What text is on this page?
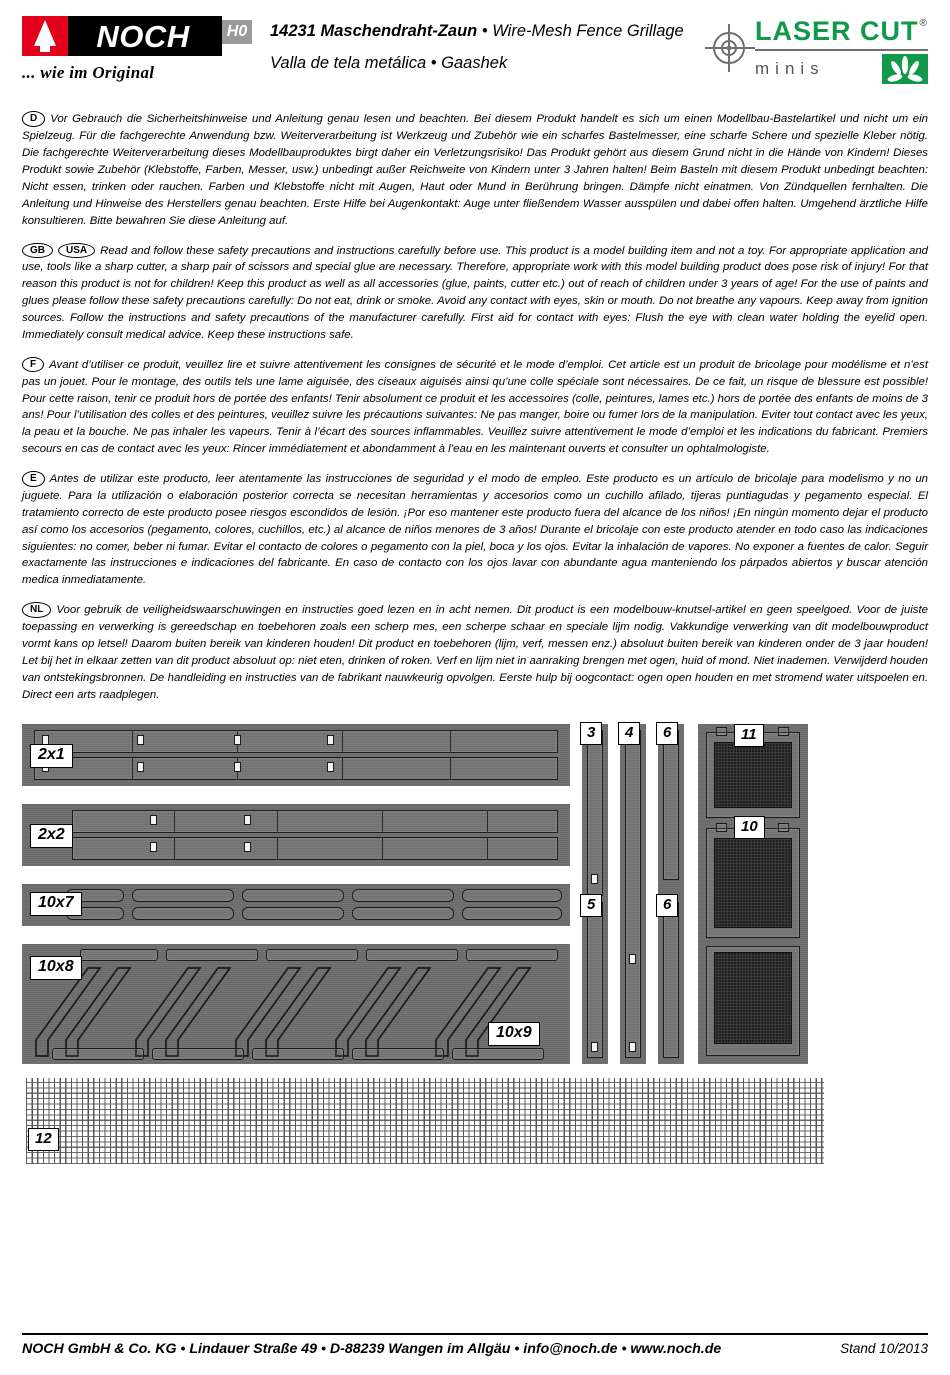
NOCH
... wie im Original
H0 14231 Maschendraht-Zaun • Wire-Mesh Fence Grillage
Valla de tela metálica • Gaashek
LASER CUT ®
minis

D Vor Gebrauch die Sicherheitshinweise und Anleitung genau lesen und beachten. Bei diesem Produkt handelt es sich um einen Modellbau-Bastelartikel und nicht um ein Spielzeug. Für die fachgerechte Anwendung bzw. Weiterverarbeitung ist Werkzeug und Zubehör wie ein scharfes Bastelmesser, eine scharfe Schere und spezielle Kleber nötig. Die fachgerechte Weiterverarbeitung dieses Modellbauproduktes birgt daher ein Verletzungsrisiko! Das Produkt gehört aus diesem Grund nicht in die Hände von Kindern! Dieses Produkt sowie Zubehör (Klebstoffe, Farben, Messer, usw.) unbedingt außer Reichweite von Kindern unter 3 Jahren halten! Beim Basteln mit diesem Produkt unbedingt beachten: Nicht essen, trinken oder rauchen. Farben und Klebstoffe nicht mit Augen, Haut oder Mund in Berührung bringen. Dämpfe nicht einatmen. Von Zündquellen fernhalten. Die Anleitung und Hinweise des Herstellers genau beachten. Erste Hilfe bei Augenkontakt: Auge unter fließendem Wasser ausspülen und dabei offen halten. Umgehend ärztliche Hilfe konsultieren. Bitte bewahren Sie diese Anleitung auf.

GB USA Read and follow these safety precautions and instructions carefully before use. This product is a model building item and not a toy. For appropriate application and use, tools like a sharp cutter, a sharp pair of scissors and special glue are necessary. Therefore, appropriate work with this model building product does pose risk of injury! For that reason this product is not for children! Keep this product as well as all accessories (glue, paints, cutter etc.) out of reach of children under 3 years of age! For the use of paints and glues please follow these safety precautions carefully: Do not eat, drink or smoke. Avoid any contact with eyes, skin or mouth. Do not breathe any vapours. Keep away from ignition sources. Follow the instructions and safety precautions of the manufacturer carefully. First aid for contact with eyes: Flush the eye with clean water holding the eyelid open. Immediately consult medical advice. Keep these instructions safe.

F Avant d’utiliser ce produit, veuillez lire et suivre attentivement les consignes de sécurité et le mode d’emploi. Cet article est un produit de bricolage pour modélisme et n’est pas un jouet. Pour le montage, des outils tels une lame aiguisée, des ciseaux aiguisés ainsi qu’une colle spéciale sont nécessaires. De ce fait, un risque de blessure est possible! Pour cette raison, tenir ce produit hors de portée des enfants! Tenir absolument ce produit et les accessoires (colle, peintures, lames etc.) hors de portée des enfants de moins de 3 ans! Pour l’utilisation des colles et des peintures, veuillez suivre les précautions suivantes: Ne pas manger, boire ou fumer lors de la manipulation. Eviter tout contact avec les yeux, la peau et la bouche. Ne pas inhaler les vapeurs. Tenir à l’écart des sources inflammables. Veuillez suivre attentivement le mode d’emploi et les indications du fabricant. Premiers secours en cas de contact avec les yeux: Rincer immédiatement et abondamment à l’eau en les maintenant ouverts et consulter un ophtalmologiste.

E Antes de utilizar este producto, leer atentamente las instrucciones de seguridad y el modo de empleo. Este producto es un artículo de bricolaje para modelismo y no un juguete. Para la utilización o elaboración posterior correcta se necesitan herramientas y accesorios como un cuchillo afilado, tijeras puntiagudas y pegamento especial. El tratamiento correcto de este producto posee riesgos escondidos de lesión. ¡Por eso mantener este producto fuera del alcance de los niños! ¡En ningún momento dejar el producto así como los accesorios (pegamento, colores, cuchillos, etc.) al alcance de niños menores de 3 años! Durante el bricolaje con este producto atender en todo caso las indicaciones siguientes: no comer, beber ni fumar. Evitar el contacto de colores o pegamento con la piel, boca y los ojos. Evitar la inhalación de vapores. No exponer a fuentes de calor. Seguir exactamente las instrucciones e indicaciones del fabricante. En caso de contacto con los ojos lavar con abundante agua manteniendo los párpados abiertos y buscar atención medica inmediatamente.

NL Voor gebruik de veiligheidswaarschuwingen en instructies goed lezen en in acht nemen. Dit product is een modelbouw-knutsel-artikel en geen speelgoed. Voor de juiste toepassing en verwerking is gereedschap en toebehoren zoals een scherp mes, een scherpe schaar en speciale lijm nodig. Vakkundige verwerking van dit modelbouwproduct vormt kans op letsel! Daarom buiten bereik van kinderen houden! Dit product en toebehoren (lijm, verf, messen enz.) absoluut buiten bereik van kinderen onder de 3 jaar houden! Let bij het in elkaar zetten van dit product absoluut op: niet eten, drinken of roken. Verf en lijm niet in aanraking brengen met ogen, huid of mond. Niet inademen. Verwijderd houden van ontstekingsbronnen. De handleiding en instructies van de fabrikant nauwkeurig opvolgen. Eerste hulp bij oogcontact: ogen open houden en met stromend water uitspoelen en. Direct een arts raadplegen.

2x1
2x2
10x7
10x8
10x9
3
5
4	6
6
11
10
12
NOCH GmbH & Co. KG • Lindauer Straße 49 • D-88239 Wangen im Allgäu • info@noch.de • www.noch.de	Stand 10/2013
